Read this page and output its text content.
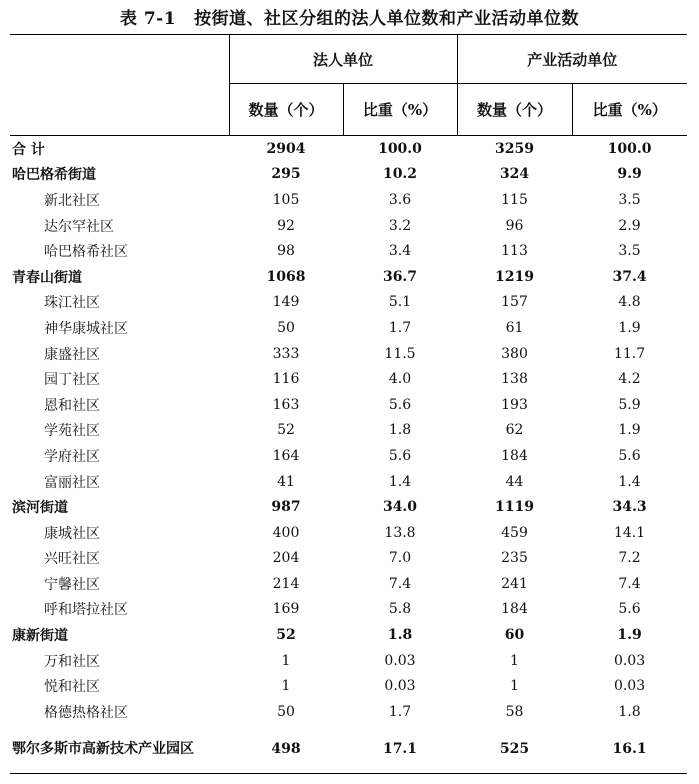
表 7-1 按街道、社区分组的法人单位数和产业活动单位数
	法人单位		产业活动单位	
	数量（个）	比重（%）	数量（个）	比重（%）
合 计	2904	100.0	3259	100.0
哈巴格希街道	295	10.2	324	9.9
新北社区	105	3.6	115	3.5
达尔罕社区	92	3.2	96	2.9
哈巴格希社区	98	3.4	113	3.5
青春山街道	1068	36.7	1219	37.4
珠江社区	149	5.1	157	4.8
神华康城社区	50	1.7	61	1.9
康盛社区	333	11.5	380	11.7
园丁社区	116	4.0	138	4.2
恩和社区	163	5.6	193	5.9
学苑社区	52	1.8	62	1.9
学府社区	164	5.6	184	5.6
富丽社区	41	1.4	44	1.4
滨河街道	987	34.0	1119	34.3
康城社区	400	13.8	459	14.1
兴旺社区	204	7.0	235	7.2
宁馨社区	214	7.4	241	7.4
呼和塔拉社区	169	5.8	184	5.6
康新街道	52	1.8	60	1.9
万和社区	1	0.03	1	0.03
悦和社区	1	0.03	1	0.03
格德热格社区	50	1.7	58	1.8
鄂尔多斯市高新技术产业园区	498	17.1	525	16.1
